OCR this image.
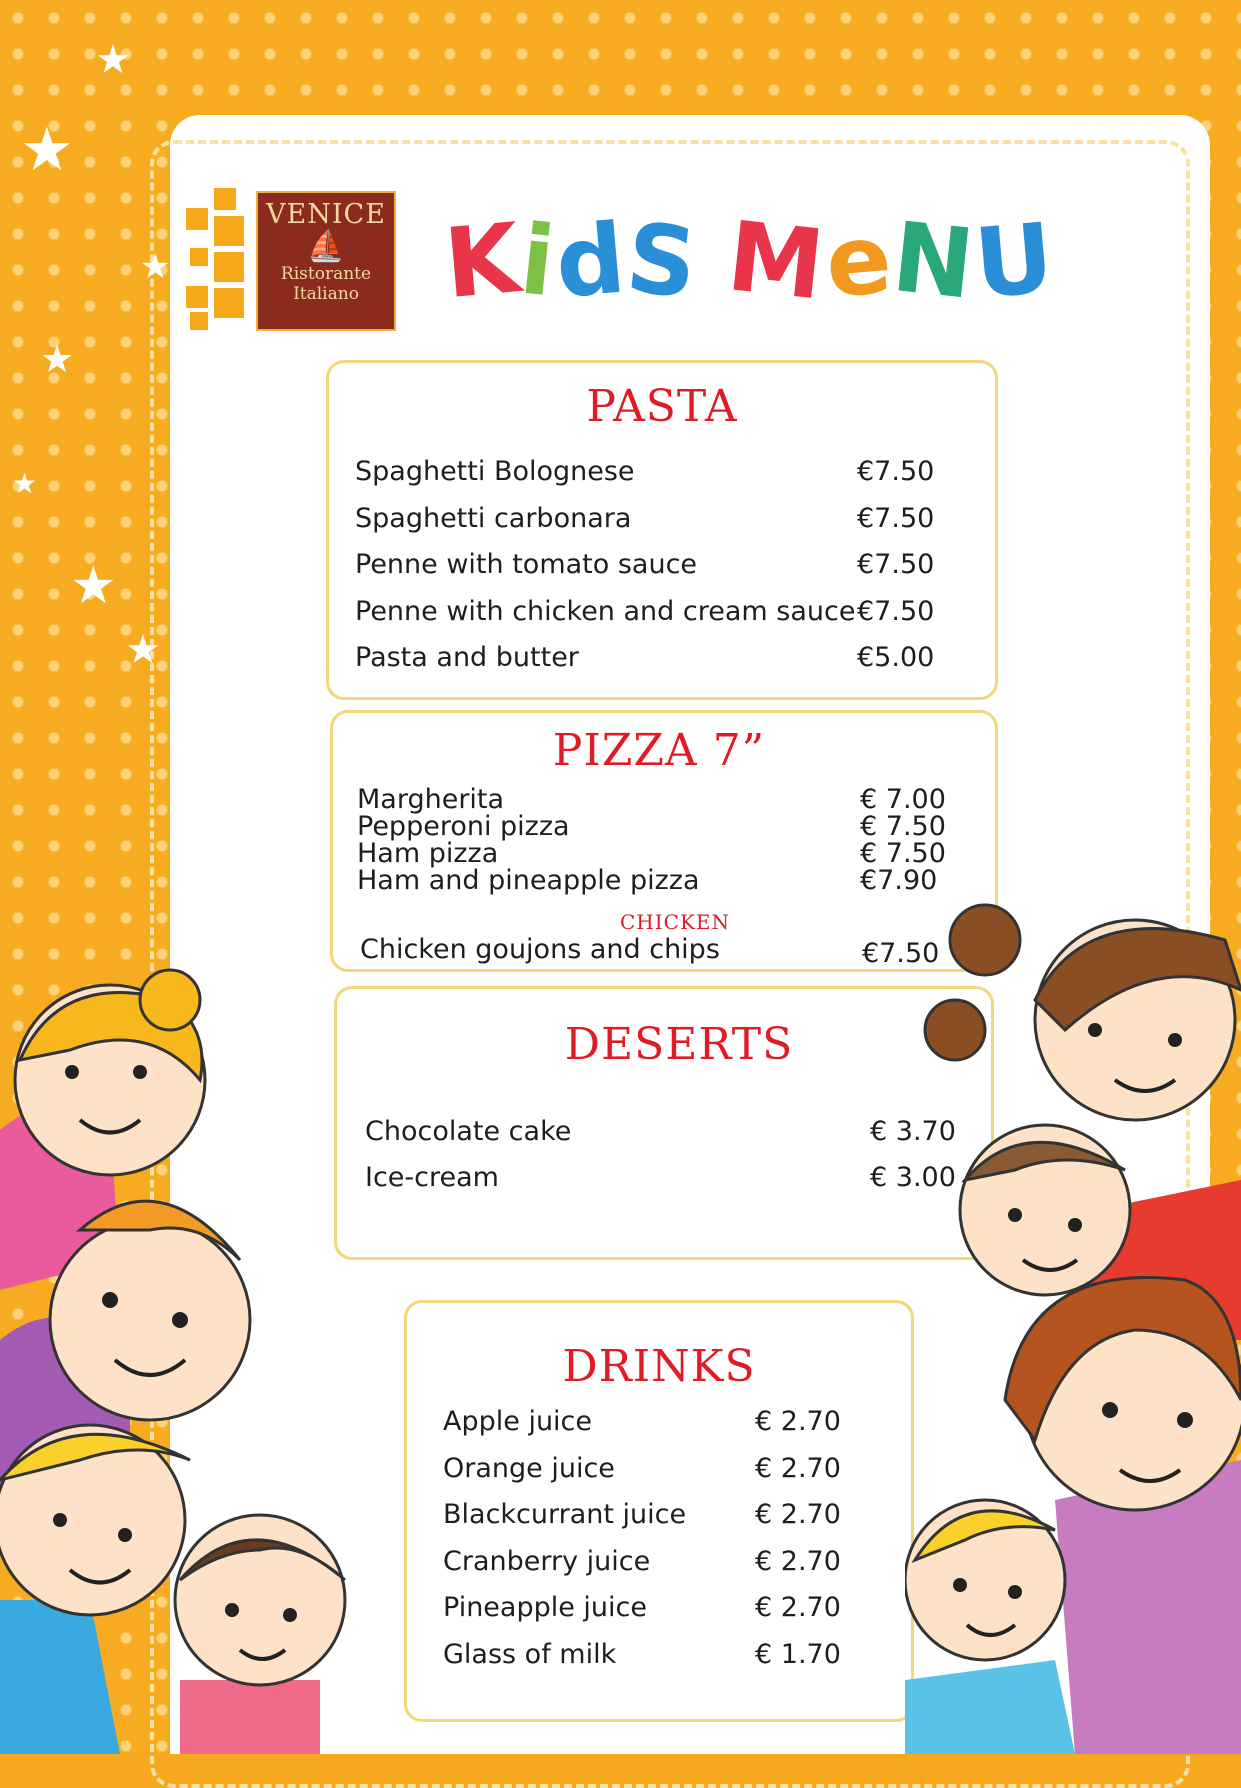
★
★
★
★
★
★
★
VENICE
⛵
Ristorante
Italiano KidS MeNU
PASTA
Spaghetti Bolognese	€7.50
Spaghetti carbonara	€7.50
Penne with tomato sauce	€7.50
Penne with chicken and cream sauce €7.50
Pasta and butter	€5.00
PIZZA 7”
Margherita	€ 7.00
Pepperoni pizza	€ 7.50
Ham pizza	€ 7.50
Ham and pineapple pizza	€7.90
CHICKEN
Chicken goujons and chips	€7.50
DESERTS
Chocolate cake	€ 3.70
Ice-cream	€ 3.00
DRINKS
Apple juice	€ 2.70
Orange juice	€ 2.70
Blackcurrant juice	€ 2.70
Cranberry juice	€ 2.70
Pineapple juice	€ 2.70
Glass of milk	€ 1.70
